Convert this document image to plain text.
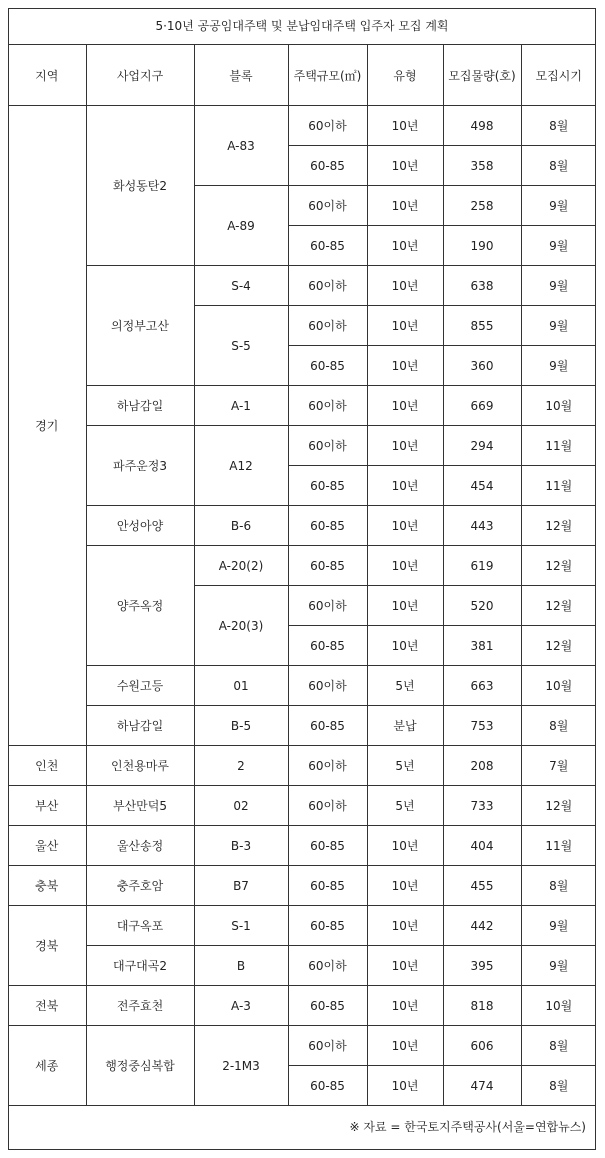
5·10년 공공임대주택 및 분납임대주택 입주자 모집 계획
지역	사업지구	블록	주택규모(㎡)	유형	모집물량(호)	모집시기
경기	화성동탄2	A-83	60이하	10년	498	8월
			60-85	10년	358	8월
		A-89	60이하	10년	258	9월
			60-85	10년	190	9월
	의정부고산	S-4	60이하	10년	638	9월
		S-5	60이하	10년	855	9월
			60-85	10년	360	9월
	하남감일	A-1	60이하	10년	669	10월
	파주운정3	A12	60이하	10년	294	11월
			60-85	10년	454	11월
	안성아양	B-6	60-85	10년	443	12월
	양주옥정	A-20(2)	60-85	10년	619	12월
		A-20(3)	60이하	10년	520	12월
			60-85	10년	381	12월
	수원고등	01	60이하	5년	663	10월
	하남감일	B-5	60-85	분납	753	8월
인천	인천용마루	2	60이하	5년	208	7월
부산	부산만덕5	02	60이하	5년	733	12월
울산	울산송정	B-3	60-85	10년	404	11월
충북	충주호암	B7	60-85	10년	455	8월
경북	대구옥포	S-1	60-85	10년	442	9월
	대구대곡2	B	60이하	10년	395	9월
전북	전주효천	A-3	60-85	10년	818	10월
세종	행정중심복합	2-1M3	60이하	10년	606	8월
			60-85	10년	474	8월
※ 자료 = 한국토지주택공사(서울=연합뉴스)
